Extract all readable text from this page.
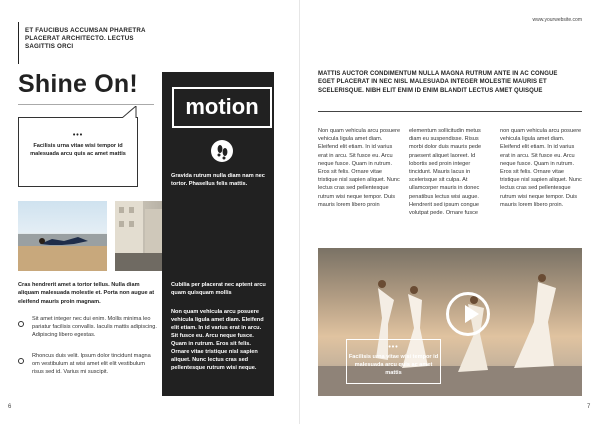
ET FAUCIBUS ACCUMSAN PHARETRA PLACERAT ARCHITECTO. LECTUS SAGITTIS ORCI
Shine On!
•••
Facilisis urna vitae wisi tempor id malesuada arcu quis ac amet mattis
Cras hendrerit amet a tortor tellus. Nulla diam aliquam malesuada molestie et. Porta non augue at eleifend mauris proin magnam.
Sit amet integer nec dui enim. Mollis minima leo pariatur facilisis convallis. Iaculis mattis adipiscing. Adipiscing libero egestas.
Rhoncus duis velit. Ipsum dolor tincidunt magna om vestibulum at wisi amet elit elit vestibulum risus sed id. Varius mi suscipit.
6
motion
Gravida rutrum nulla diam nam nec tortor. Phasellus felis mattis.
Cubilia per placerat nec aptent arcu quam quisquam mollis
Non quam vehicula arcu posuere vehicula ligula amet diam. Eleifend elit etiam. In id varius erat in arcu. Sit fusce eu. Arcu neque fusce. Quam in rutrum. Eros sit felis. Ornare vitae tristique nisl sapien aliquet. Nunc lectus cras sed pellentesque rutrum wisi neque.
www.yourwebsite.com
MATTIS AUCTOR CONDIMENTUM NULLA MAGNA RUTRUM ANTE IN AC CONGUE EGET PLACERAT IN NEC NISL MALESUADA INTEGER MOLESTIE MAURIS ET SCELERISQUE. NIBH ELIT ENIM ID ENIM BLANDIT LECTUS AMET QUISQUE
Non quam vehicula arcu posuere vehicula ligula amet diam. Eleifend elit etiam. In id varius erat in arcu. Sit fusce eu. Arcu neque fusce. Quam in rutrum. Eros sit felis. Ornare vitae tristique nisl sapien aliquet. Nunc lectus cras sed pellentesque rutrum wisi neque tempor. Duis mauris lorem libero proin
elementum sollicitudin metus diam eu suspendisse. Risus morbi dolor duis mauris pede praesent aliquet laoreet. Id lobortis sed proin integer tincidunt. Mauris lacus in scelerisque sit culpa. At ullamcorper mauris in donec penatibus lectus wisi augue. Hendrerit sed ipsum congue volutpat pede. Ornare fusce
non quam vehicula arcu posuere vehicula ligula amet diam. Eleifend elit etiam. In id varius erat in arcu. Sit fusce eu. Arcu neque fusce. Quam in rutrum. Eros sit felis. Ornare vitae tristique nisl sapien aliquet. Nunc lectus cras sed pellentesque rutrum wisi neque tempor. Duis mauris lorem libero proin.
•••
Facilisis urna vitae wisi tempor id malesuada arcu quis ac amet mattis
7
